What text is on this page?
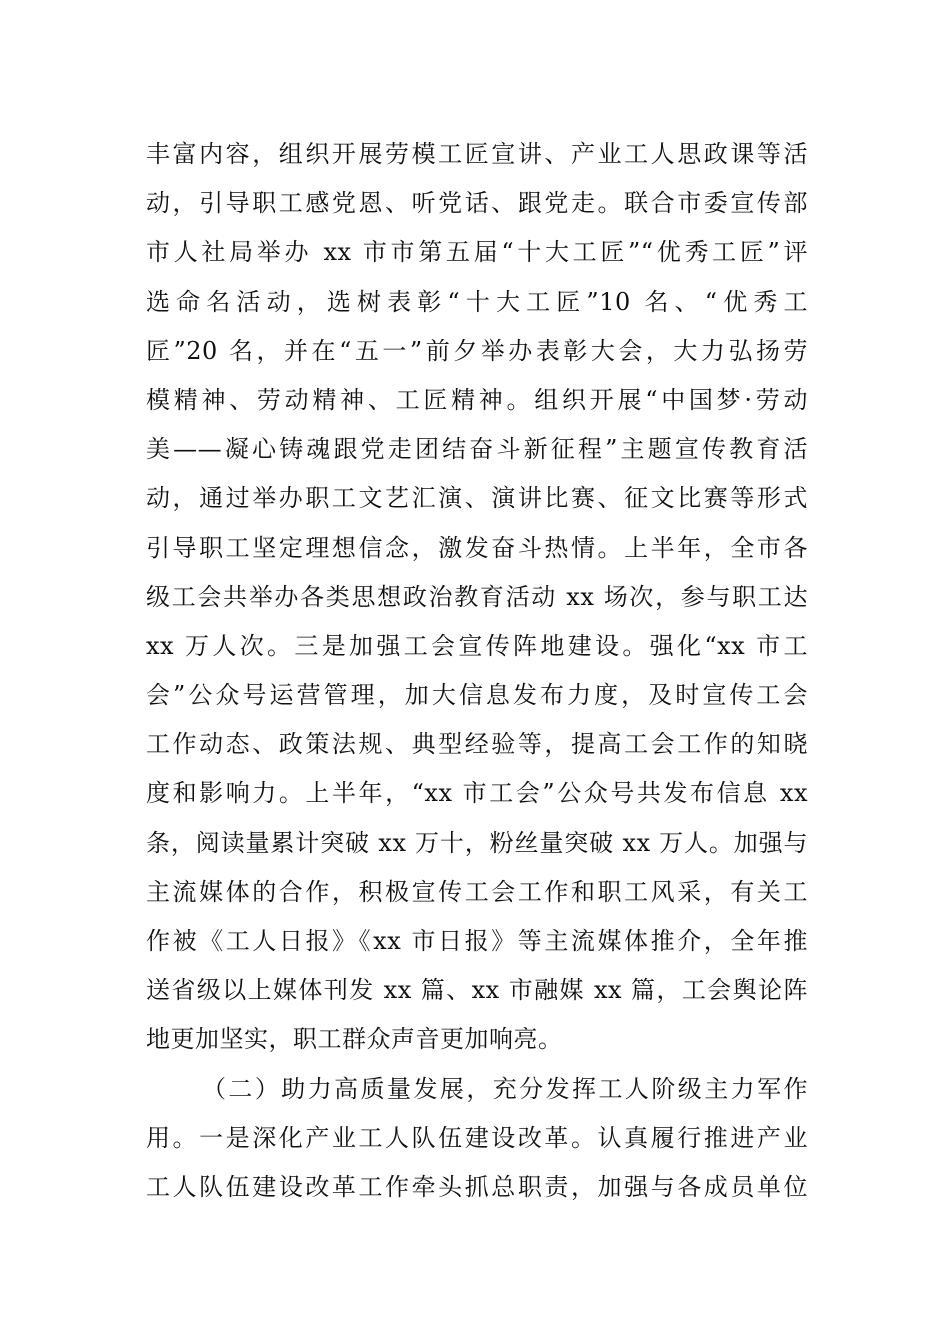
丰富内容，组织开展劳模工匠宣讲、产业工人思政课等活
动，引导职工感党恩、听党话、跟党走。联合市委宣传部
市人社局举办 xx 市市第五届“十大工匠”“优秀工匠”评
选命名活动，选树表彰“十大工匠”10 名、“优秀工
匠”20 名，并在“五一”前夕举办表彰大会，大力弘扬劳
模精神、劳动精神、工匠精神。组织开展“中国梦·劳动
美——凝心铸魂跟党走团结奋斗新征程”主题宣传教育活
动，通过举办职工文艺汇演、演讲比赛、征文比赛等形式
引导职工坚定理想信念，激发奋斗热情。上半年，全市各
级工会共举办各类思想政治教育活动 xx 场次，参与职工达
xx 万人次。三是加强工会宣传阵地建设。强化“xx 市工
会”公众号运营管理，加大信息发布力度，及时宣传工会
工作动态、政策法规、典型经验等，提高工会工作的知晓
度和影响力。上半年，“xx 市工会”公众号共发布信息 xx
条，阅读量累计突破 xx 万十，粉丝量突破 xx 万人。加强与
主流媒体的合作，积极宣传工会工作和职工风采，有关工
作被《工人日报》《xx 市日报》等主流媒体推介，全年推
送省级以上媒体刊发 xx 篇、xx 市融媒 xx 篇，工会舆论阵
地更加坚实，职工群众声音更加响亮。
（二）助力高质量发展，充分发挥工人阶级主力军作
用。一是深化产业工人队伍建设改革。认真履行推进产业
工人队伍建设改革工作牵头抓总职责，加强与各成员单位
